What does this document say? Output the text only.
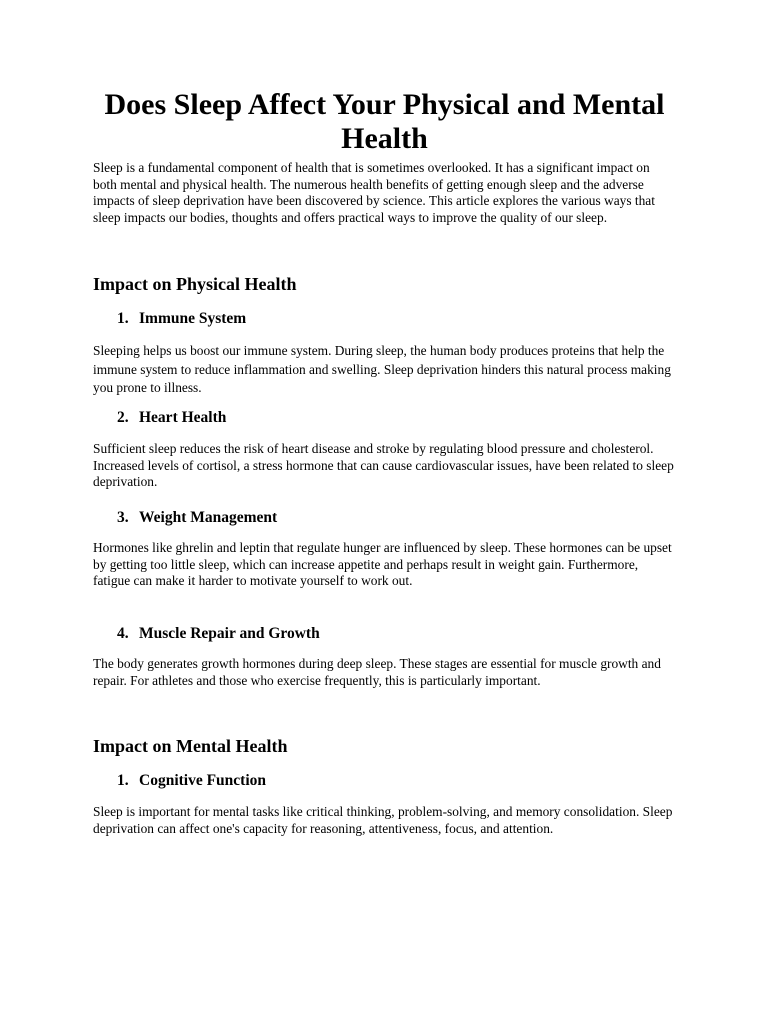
Does Sleep Affect Your Physical and Mental Health

Sleep is a fundamental component of health that is sometimes overlooked. It has a significant impact on both mental and physical health. The numerous health benefits of getting enough sleep and the adverse impacts of sleep deprivation have been discovered by science. This article explores the various ways that sleep impacts our bodies, thoughts and offers practical ways to improve the quality of our sleep.

Impact on Physical Health
1. Immune System

Sleeping helps us boost our immune system. During sleep, the human body produces proteins that help the immune system to reduce inflammation and swelling. Sleep deprivation hinders this natural process making you prone to illness.

2. Heart Health

Sufficient sleep reduces the risk of heart disease and stroke by regulating blood pressure and cholesterol. Increased levels of cortisol, a stress hormone that can cause cardiovascular issues, have been related to sleep deprivation.

3. Weight Management

Hormones like ghrelin and leptin that regulate hunger are influenced by sleep. These hormones can be upset by getting too little sleep, which can increase appetite and perhaps result in weight gain. Furthermore, fatigue can make it harder to motivate yourself to work out.

4. Muscle Repair and Growth

The body generates growth hormones during deep sleep. These stages are essential for muscle growth and repair. For athletes and those who exercise frequently, this is particularly important.

Impact on Mental Health
1. Cognitive Function

Sleep is important for mental tasks like critical thinking, problem-solving, and memory consolidation. Sleep deprivation can affect one's capacity for reasoning, attentiveness, focus, and attention.
